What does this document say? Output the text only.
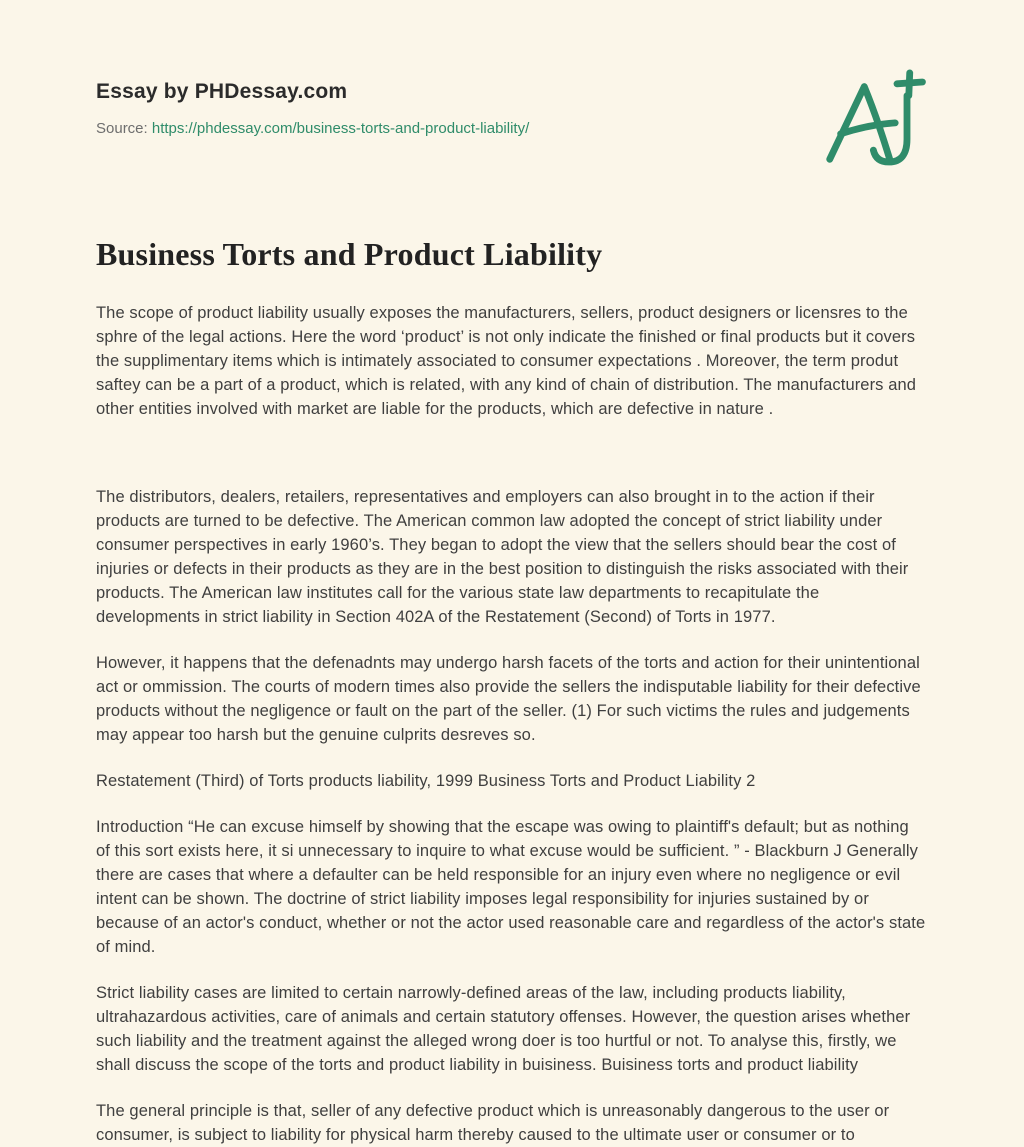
Essay by PHDessay.com
Source: https://phdessay.com/business-torts-and-product-liability/
Business Torts and Product Liability

The scope of product liability usually exposes the manufacturers, sellers, product designers or licensres to the sphre of the legal actions. Here the word ‘product’ is not only indicate the finished or final products but it covers the supplimentary items which is intimately associated to consumer expectations . Moreover, the term produt saftey can be a part of a product, which is related, with any kind of chain of distribution. The manufacturers and other entities involved with market are liable for the products, which are defective in nature .

The distributors, dealers, retailers, representatives and employers can also brought in to the action if their products are turned to be defective. The American common law adopted the concept of strict liability under consumer perspectives in early 1960’s. They began to adopt the view that the sellers should bear the cost of injuries or defects in their products as they are in the best position to distinguish the risks associated with their products. The American law institutes call for the various state law departments to recapitulate the developments in strict liability in Section 402A of the Restatement (Second) of Torts in 1977.

However, it happens that the defenadnts may undergo harsh facets of the torts and action for their unintentional act or ommission. The courts of modern times also provide the sellers the indisputable liability for their defective products without the negligence or fault on the part of the seller. (1) For such victims the rules and judgements may appear too harsh but the genuine culprits desreves so.

Restatement (Third) of Torts products liability, 1999 Business Torts and Product Liability 2

Introduction “He can excuse himself by showing that the escape was owing to plaintiff's default; but as nothing of this sort exists here, it si unnecessary to inquire to what excuse would be sufficient. ” - Blackburn J Generally there are cases that where a defaulter can be held responsible for an injury even where no negligence or evil intent can be shown. The doctrine of strict liability imposes legal responsibility for injuries sustained by or because of an actor's conduct, whether or not the actor used reasonable care and regardless of the actor's state of mind.

Strict liability cases are limited to certain narrowly-defined areas of the law, including products liability, ultrahazardous activities, care of animals and certain statutory offenses. However, the question arises whether such liability and the treatment against the alleged wrong doer is too hurtful or not. To analyse this, firstly, we shall discuss the scope of the torts and product liability in buisiness. Buisiness torts and product liability

The general principle is that, seller of any defective product which is unreasonably dangerous to the user or consumer, is subject to liability for physical harm thereby caused to the ultimate user or consumer or to
